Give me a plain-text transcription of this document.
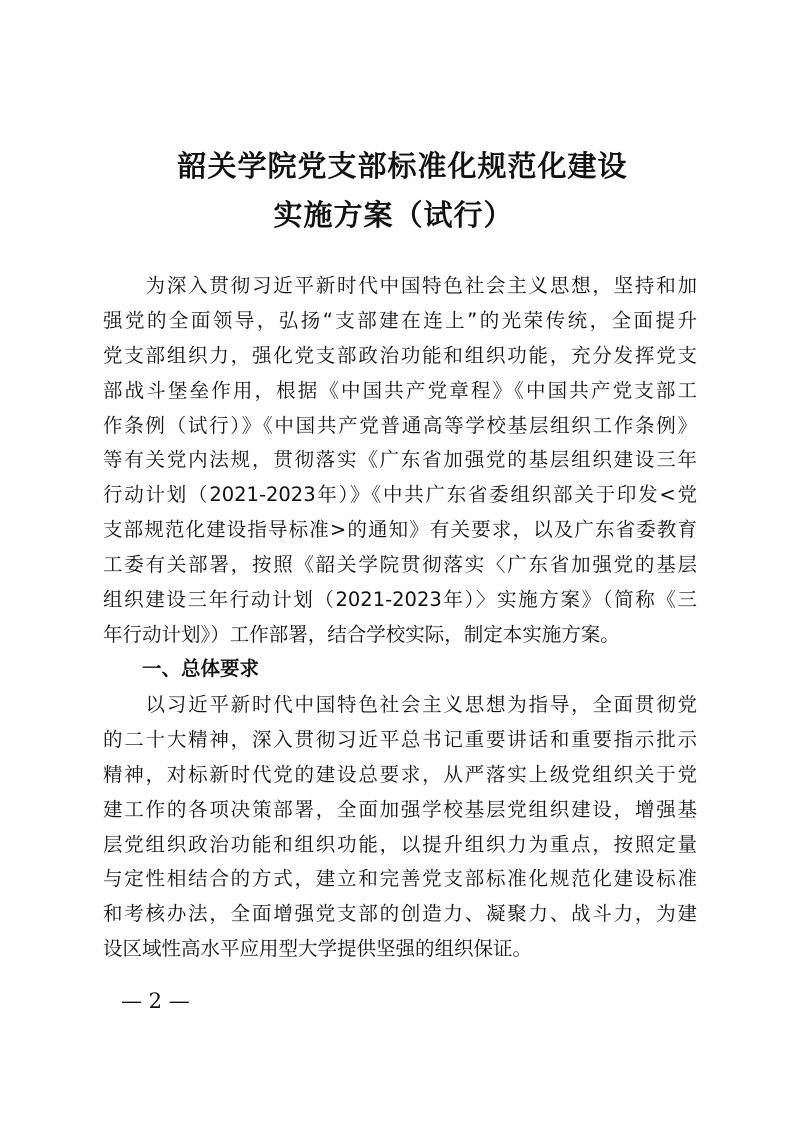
韶关学院党支部标准化规范化建设
实施方案（试行）
　　为深入贯彻习近平新时代中国特色社会主义思想，坚持和加
强党的全面领导，弘扬“支部建在连上”的光荣传统，全面提升
党支部组织力，强化党支部政治功能和组织功能，充分发挥党支
部战斗堡垒作用，根据《中国共产党章程》《中国共产党支部工
作条例（试行）》《中国共产党普通高等学校基层组织工作条例》
等有关党内法规，贯彻落实《广东省加强党的基层组织建设三年
行动计划（2021-2023年）》《中共广东省委组织部关于印发<党
支部规范化建设指导标准>的通知》有关要求，以及广东省委教育
工委有关部署，按照《韶关学院贯彻落实〈广东省加强党的基层
组织建设三年行动计划（2021-2023年）〉实施方案》（简称《三
年行动计划》）工作部署，结合学校实际，制定本实施方案。
一、总体要求
　　以习近平新时代中国特色社会主义思想为指导，全面贯彻党
的二十大精神，深入贯彻习近平总书记重要讲话和重要指示批示
精神，对标新时代党的建设总要求，从严落实上级党组织关于党
建工作的各项决策部署，全面加强学校基层党组织建设，增强基
层党组织政治功能和组织功能，以提升组织力为重点，按照定量
与定性相结合的方式，建立和完善党支部标准化规范化建设标准
和考核办法，全面增强党支部的创造力、凝聚力、战斗力，为建
设区域性高水平应用型大学提供坚强的组织保证。
— 2 —
